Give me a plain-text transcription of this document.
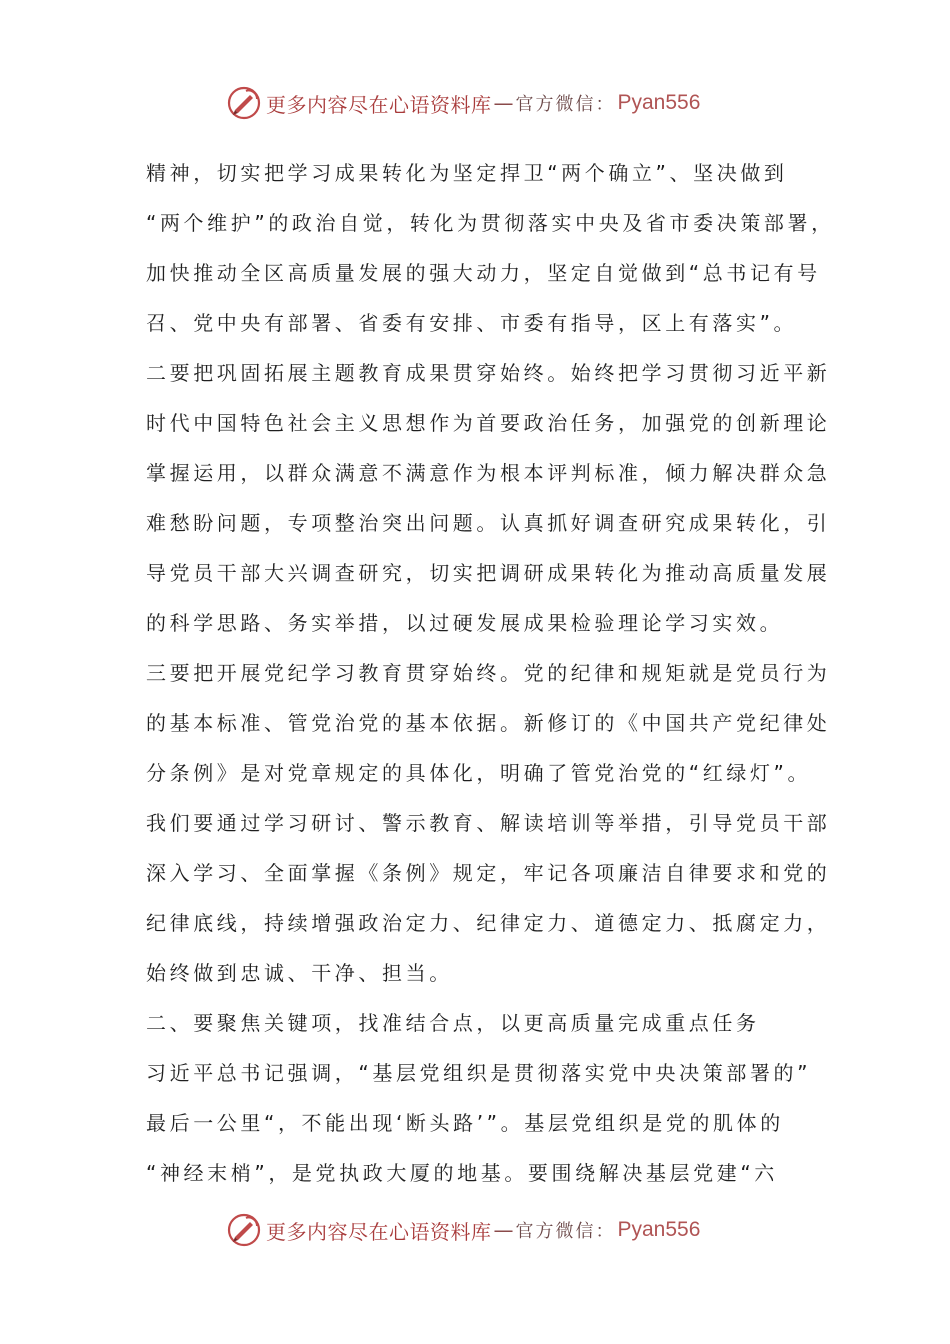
更多内容尽在心语资料库 — 官方微信： Pyan556
精神，切实把学习成果转化为坚定捍卫“两个确立”、坚决做到
“两个维护”的政治自觉，转化为贯彻落实中央及省市委决策部署，
加快推动全区高质量发展的强大动力，坚定自觉做到“总书记有号
召、党中央有部署、省委有安排、市委有指导，区上有落实”。
二要把巩固拓展主题教育成果贯穿始终。始终把学习贯彻习近平新
时代中国特色社会主义思想作为首要政治任务，加强党的创新理论
掌握运用，以群众满意不满意作为根本评判标准，倾力解决群众急
难愁盼问题，专项整治突出问题。认真抓好调查研究成果转化，引
导党员干部大兴调查研究，切实把调研成果转化为推动高质量发展
的科学思路、务实举措，以过硬发展成果检验理论学习实效。
三要把开展党纪学习教育贯穿始终。党的纪律和规矩就是党员行为
的基本标准、管党治党的基本依据。新修订的《中国共产党纪律处
分条例》是对党章规定的具体化，明确了管党治党的“红绿灯”。
我们要通过学习研讨、警示教育、解读培训等举措，引导党员干部
深入学习、全面掌握《条例》规定，牢记各项廉洁自律要求和党的
纪律底线，持续增强政治定力、纪律定力、道德定力、抵腐定力，
始终做到忠诚、干净、担当。
二、要聚焦关键项，找准结合点，以更高质量完成重点任务
习近平总书记强调，“基层党组织是贯彻落实党中央决策部署的”
最后一公里“，不能出现‘断头路’”。基层党组织是党的肌体的
“神经末梢”，是党执政大厦的地基。要围绕解决基层党建“六
更多内容尽在心语资料库 — 官方微信： Pyan556
